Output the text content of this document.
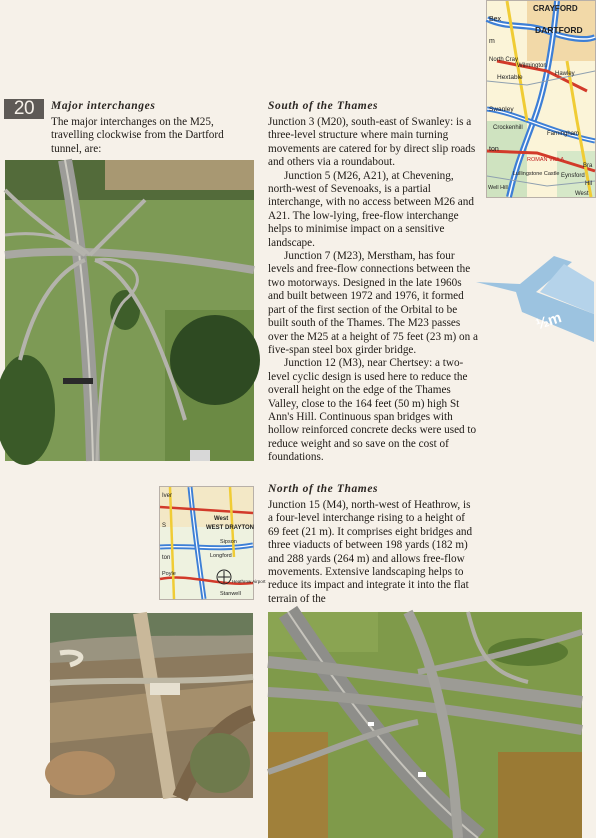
20	Major interchanges

The major interchanges on the M25, travelling clockwise from the Dartford tunnel, are:

CRAYFORD
DARTFORD
North Cray
Wilmington
Hextable	Hawley
Swanley
Crockenhill
Farningham
ROMAN VILLA
Lullingstone Castle Eynsford
Well Hill
West
Bex
ton
Bra
Hil
m
South of the Thames

Junction 3 (M20), south-east of Swanley: is a three-level structure where main turning movements are catered for by direct slip roads and others via a roundabout.

Junction 5 (M26, A21), at Chevening, north-west of Sevenoaks, is a partial interchange, with no access between M26 and A21. The low-lying, free-flow interchange helps to minimise impact on a sensitive landscape.

Junction 7 (M23), Merstham, has four levels and free-flow connections between the two motorways. Designed in the late 1960s and built between 1972 and 1976, it formed part of the first section of the Orbital to be built south of the Thames. The M23 passes over the M25 at a height of 75 feet (23 m) on a five-span steel box girder bridge.

Junction 12 (M3), near Chertsey: a two-level cyclic design is used here to reduce the overall height on the edge of the Thames Valley, close to the 164 feet (50 m) high St Ann's Hill. Continuous span bridges with hollow reinforced concrete decks were used to reduce weight and so save on the cost of foundations.

½m
Iver
West
WEST DRAYTON
Sipson
Longford
Poyle
Heathrow Airport
Stanwell
S
ton
North of the Thames

Junction 15 (M4), north-west of Heathrow, is a four-level interchange rising to a height of 69 feet (21 m). It comprises eight bridges and three viaducts of between 198 yards (182 m) and 288 yards (264 m) and allows free-flow movements. Extensive landscaping helps to reduce its impact and integrate it into the flat terrain of the
